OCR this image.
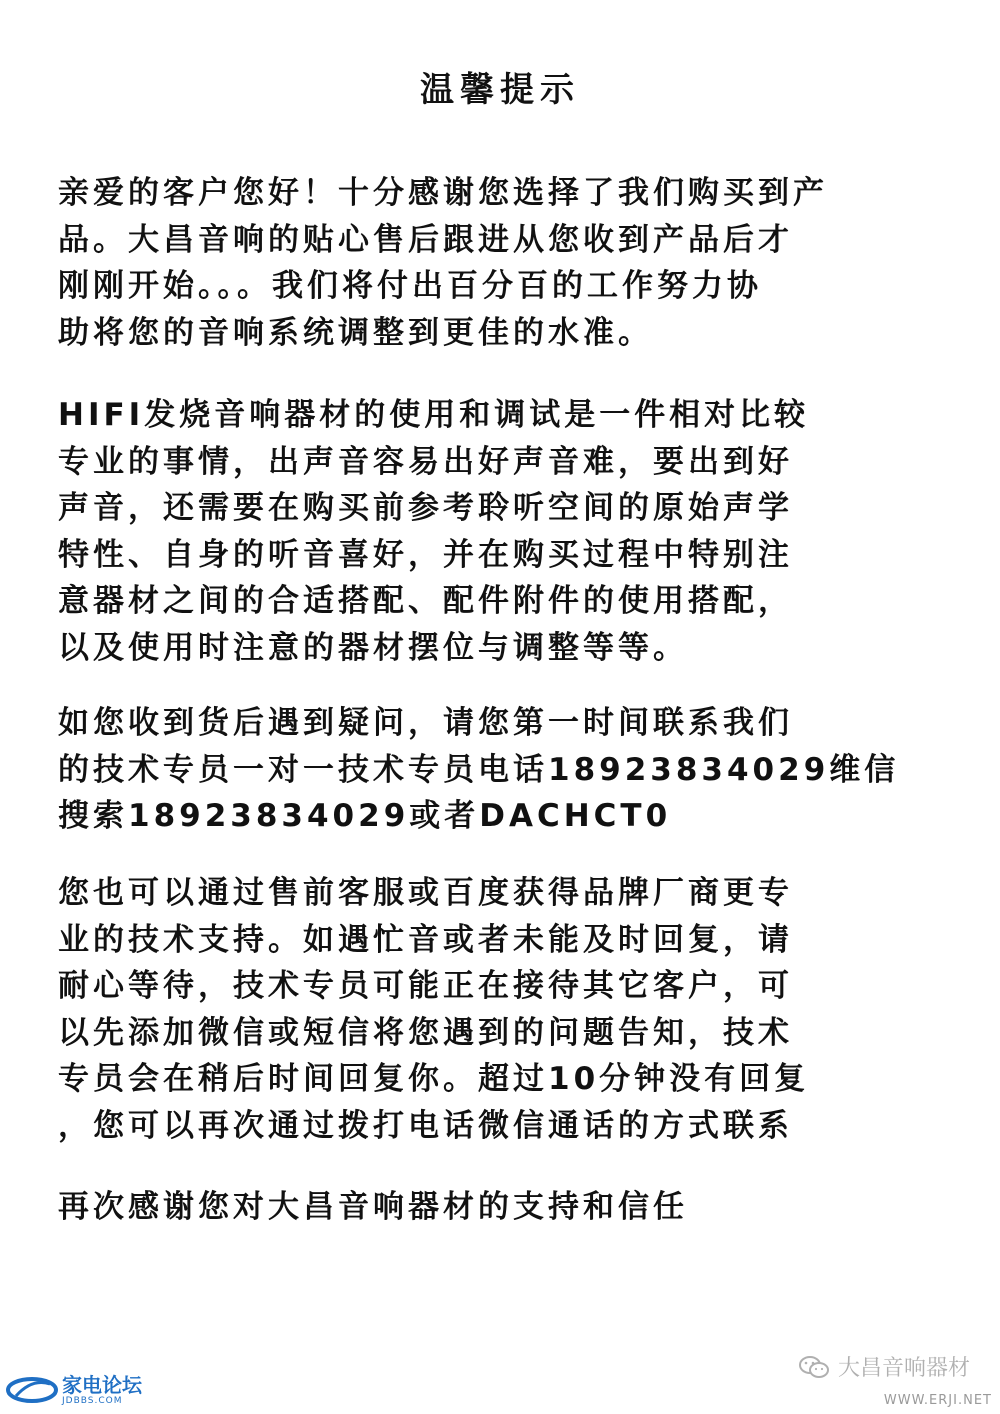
温馨提示
亲爱的客户您好！十分感谢您选择了我们购买到产
品。大昌音响的贴心售后跟进从您收到产品后才
刚刚开始。。。我们将付出百分百的工作努力协
助将您的音响系统调整到更佳的水准。
HIFI发烧音响器材的使用和调试是一件相对比较
专业的事情，出声音容易出好声音难，要出到好
声音，还需要在购买前参考聆听空间的原始声学
特性、自身的听音喜好，并在购买过程中特别注
意器材之间的合适搭配、配件附件的使用搭配，
以及使用时注意的器材摆位与调整等等。
如您收到货后遇到疑问，请您第一时间联系我们
的技术专员一对一技术专员电话18923834029维信
搜索18923834029或者DACHCT0
您也可以通过售前客服或百度获得品牌厂商更专
业的技术支持。如遇忙音或者未能及时回复，请
耐心等待，技术专员可能正在接待其它客户，可
以先添加微信或短信将您遇到的问题告知，技术
专员会在稍后时间回复你。超过10分钟没有回复
，您可以再次通过拨打电话微信通话的方式联系
再次感谢您对大昌音响器材的支持和信任
家电论坛
JDBBS.COM
大昌音响器材
WWW.ERJI.NET
